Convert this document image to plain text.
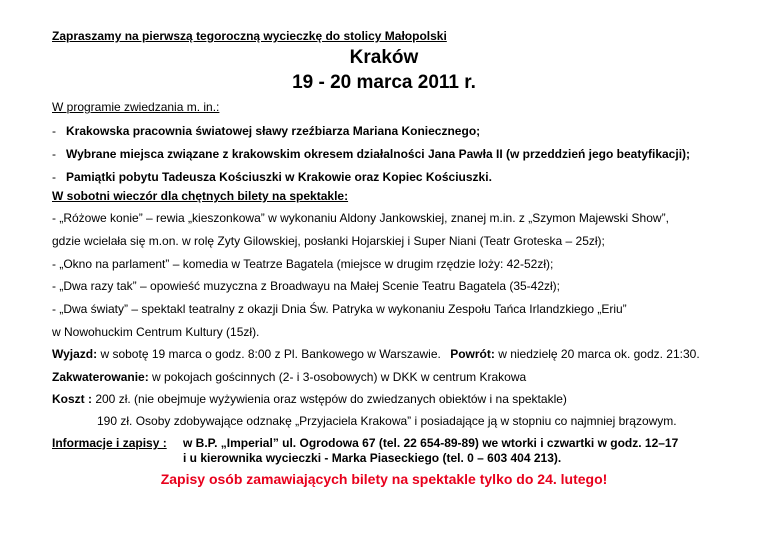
Zapraszamy na pierwszą tegoroczną wycieczkę do stolicy Małopolski
Kraków
19 - 20 marca 2011 r.
W programie zwiedzania m. in.:
- Krakowska pracownia światowej sławy rzeźbiarza Mariana Koniecznego;
- Wybrane miejsca związane z krakowskim okresem działalności Jana Pawła II (w przeddzień jego beatyfikacji);
- Pamiątki pobytu Tadeusza Kościuszki w Krakowie oraz Kopiec Kościuszki.
W sobotni wieczór dla chętnych bilety na spektakle:
- „Różowe konie” – rewia „kieszonkowa” w wykonaniu Aldony Jankowskiej, znanej m.in. z „Szymon Majewski Show”,
gdzie wcielała się m.on. w rolę Zyty Gilowskiej, posłanki Hojarskiej i Super Niani (Teatr Groteska – 25zł);
- „Okno na parlament” – komedia w Teatrze Bagatela (miejsce w drugim rzędzie loży: 42-52zł);
- „Dwa razy tak” – opowieść muzyczna z Broadwayu na Małej Scenie Teatru Bagatela (35-42zł);
- „Dwa światy” – spektakl teatralny z okazji Dnia Św. Patryka w wykonaniu Zespołu Tańca Irlandzkiego „Eriu”
w Nowohuckim Centrum Kultury (15zł).
Wyjazd: w sobotę 19 marca o godz. 8:00 z Pl. Bankowego w Warszawie. Powrót: w niedzielę 20 marca ok. godz. 21:30.
Zakwaterowanie: w pokojach gościnnych (2- i 3-osobowych) w DKK w centrum Krakowa
Koszt : 200 zł. (nie obejmuje wyżywienia oraz wstępów do zwiedzanych obiektów i na spektakle)
190 zł. Osoby zdobywające odznakę „Przyjaciela Krakowa” i posiadające ją w stopniu co najmniej brązowym.
Informacje i zapisy : w B.P. „Imperial” ul. Ogrodowa 67 (tel. 22 654-89-89) we wtorki i czwartki w godz. 12–17
i u kierownika wycieczki - Marka Piaseckiego (tel. 0 – 603 404 213).
Zapisy osób zamawiających bilety na spektakle tylko do 24. lutego!
